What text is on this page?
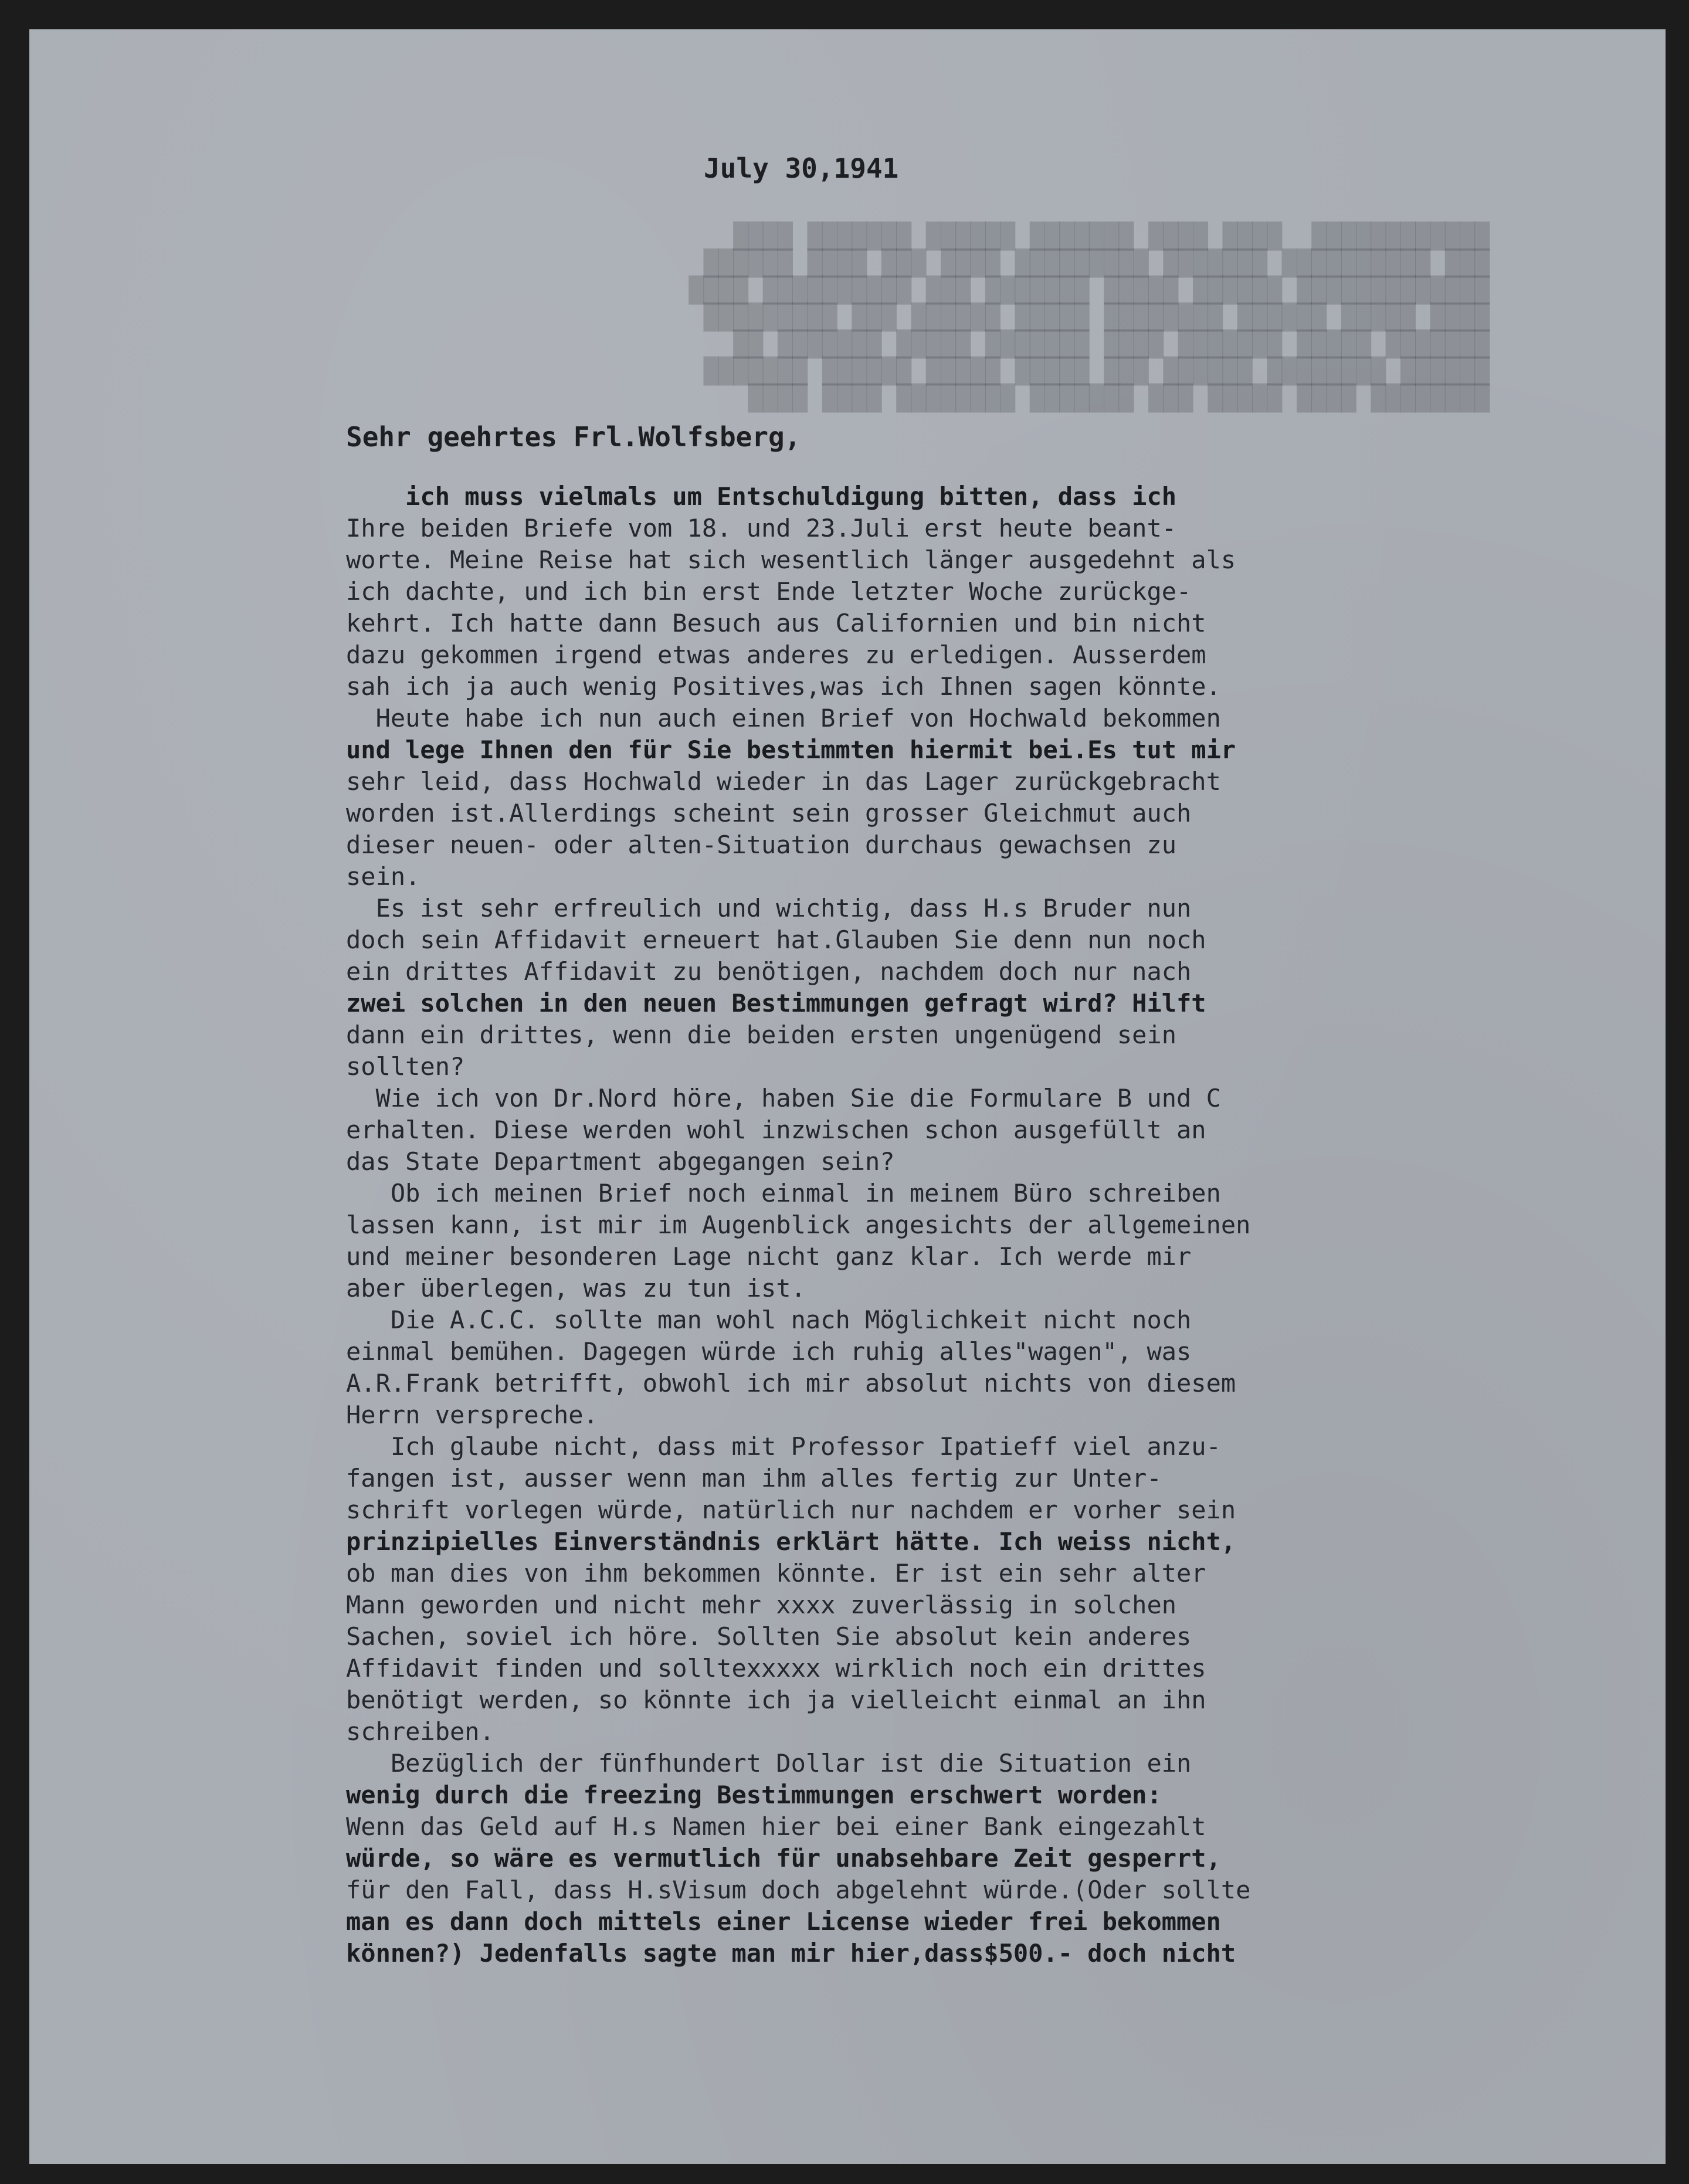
████████████  ████ ████ ███████ ██████ ███████ ████
███ ██████████ ███████ █████████ ████ ███ ████ ██████
█████████████ ██████ █████ ███████ ███ ██████████ ████
████ █████ ██████ ████████ █████ ██████ ███ █████████
███████ █████ ███████ ████ ███████ █████ ███████ ██
██████ ████████ ██████ ███ █████ █████ ██████ ███████
████████ ████ █████ ███ ███████ ████████ ████ ████
July 30,1941
Sehr geehrtes Frl.Wolfsberg,
ich muss vielmals um Entschuldigung bitten, dass ich
Ihre beiden Briefe vom 18. und 23.Juli erst heute beant-
worte. Meine Reise hat sich wesentlich länger ausgedehnt als
ich dachte, und ich bin erst Ende letzter Woche zurückge-
kehrt. Ich hatte dann Besuch aus Californien und bin nicht
dazu gekommen irgend etwas anderes zu erledigen. Ausserdem
sah ich ja auch wenig Positives,was ich Ihnen sagen könnte.
Heute habe ich nun auch einen Brief von Hochwald bekommen
und lege Ihnen den für Sie bestimmten hiermit bei.Es tut mir
sehr leid, dass Hochwald wieder in das Lager zurückgebracht
worden ist.Allerdings scheint sein grosser Gleichmut auch
dieser neuen- oder alten-Situation durchaus gewachsen zu
sein.
Es ist sehr erfreulich und wichtig, dass H.s Bruder nun
doch sein Affidavit erneuert hat.Glauben Sie denn nun noch
ein drittes Affidavit zu benötigen, nachdem doch nur nach
zwei solchen in den neuen Bestimmungen gefragt wird? Hilft
dann ein drittes, wenn die beiden ersten ungenügend sein
sollten?
Wie ich von Dr.Nord höre, haben Sie die Formulare B und C
erhalten. Diese werden wohl inzwischen schon ausgefüllt an
das State Department abgegangen sein?
Ob ich meinen Brief noch einmal in meinem Büro schreiben
lassen kann, ist mir im Augenblick angesichts der allgemeinen
und meiner besonderen Lage nicht ganz klar. Ich werde mir
aber überlegen, was zu tun ist.
Die A.C.C. sollte man wohl nach Möglichkeit nicht noch
einmal bemühen. Dagegen würde ich ruhig alles"wagen", was
A.R.Frank betrifft, obwohl ich mir absolut nichts von diesem
Herrn verspreche.
Ich glaube nicht, dass mit Professor Ipatieff viel anzu-
fangen ist, ausser wenn man ihm alles fertig zur Unter-
schrift vorlegen würde, natürlich nur nachdem er vorher sein
prinzipielles Einverständnis erklärt hätte. Ich weiss nicht,
ob man dies von ihm bekommen könnte. Er ist ein sehr alter
Mann geworden und nicht mehr xxxx zuverlässig in solchen
Sachen, soviel ich höre. Sollten Sie absolut kein anderes
Affidavit finden und solltexxxxx wirklich noch ein drittes
benötigt werden, so könnte ich ja vielleicht einmal an ihn
schreiben.
Bezüglich der fünfhundert Dollar ist die Situation ein
wenig durch die freezing Bestimmungen erschwert worden:
Wenn das Geld auf H.s Namen hier bei einer Bank eingezahlt
würde, so wäre es vermutlich für unabsehbare Zeit gesperrt,
für den Fall, dass H.sVisum doch abgelehnt würde.(Oder sollte
man es dann doch mittels einer License wieder frei bekommen
können?) Jedenfalls sagte man mir hier,dass$500.- doch nicht
